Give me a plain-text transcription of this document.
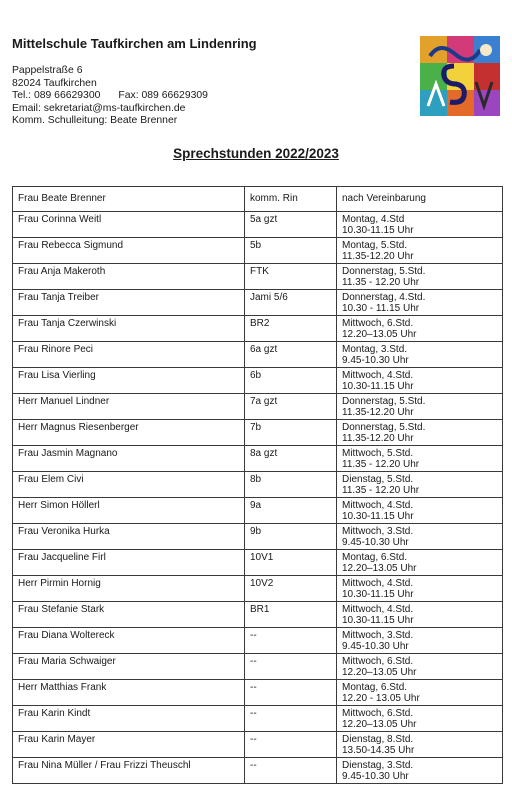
Mittelschule Taufkirchen am Lindenring
Pappelstraße 6
82024 Taufkirchen
Tel.: 089 66629300 Fax: 089 66629309
Email: sekretariat@ms-taufkirchen.de
Komm. Schulleitung: Beate Brenner
Sprechstunden 2022/2023
Frau Beate Brenner	komm. Rin	nach Vereinbarung

Frau Corinna Weitl	5a gzt	Montag, 4.Std
10.30-11.15 Uhr

Frau Rebecca Sigmund	5b	Montag, 5.Std.
11.35-12.20 Uhr

Frau Anja Makeroth	FTK	Donnerstag, 5.Std.
11.35 - 12.20 Uhr

Frau Tanja Treiber	Jami 5/6	Donnerstag, 4.Std.
10.30 - 11.15 Uhr

Frau Tanja Czerwinski	BR2	Mittwoch, 6.Std.
12.20–13.05 Uhr

Frau Rinore Peci	6a gzt	Montag, 3.Std.
9.45-10.30 Uhr

Frau Lisa Vierling	6b	Mittwoch, 4.Std.
10.30-11.15 Uhr

Herr Manuel Lindner	7a gzt	Donnerstag, 5.Std.
11.35-12.20 Uhr

Herr Magnus Riesenberger	7b	Donnerstag, 5.Std.
11.35-12.20 Uhr

Frau Jasmin Magnano	8a gzt	Mittwoch, 5.Std.
11.35 - 12.20 Uhr

Frau Elem Civi	8b	Dienstag, 5.Std.
11.35 - 12.20 Uhr

Herr Simon Höllerl	9a	Mittwoch, 4.Std.
10.30-11.15 Uhr

Frau Veronika Hurka	9b	Mittwoch, 3.Std.
9.45-10.30 Uhr

Frau Jacqueline Firl	10V1	Montag, 6.Std.
12.20–13.05 Uhr

Herr Pirmin Hornig	10V2	Mittwoch, 4.Std.
10.30-11.15 Uhr

Frau Stefanie Stark	BR1	Mittwoch, 4.Std.
10.30-11.15 Uhr

Frau Diana Woltereck	--	Mittwoch, 3.Std.
9.45-10.30 Uhr

Frau Maria Schwaiger	--	Mittwoch, 6.Std.
12.20–13.05 Uhr

Herr Matthias Frank	--	Montag, 6.Std.
12.20 - 13.05 Uhr

Frau Karin Kindt	--	Mittwoch, 6.Std.
12.20–13.05 Uhr

Frau Karin Mayer	--	Dienstag, 8.Std.
13.50-14.35 Uhr

Frau Nina Müller / Frau Frizzi Theuschl	--	Dienstag, 3.Std.
9.45-10.30 Uhr
